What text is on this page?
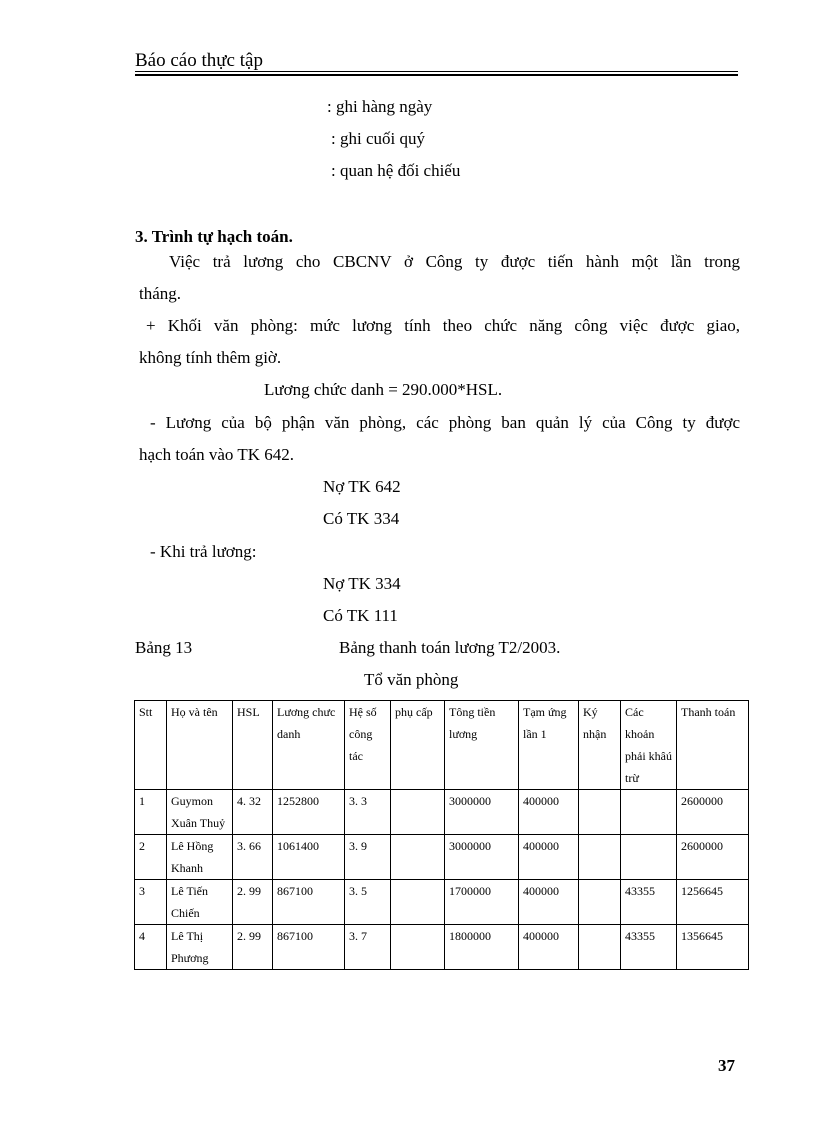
Báo cáo thực tập
: ghi hàng ngày
: ghi cuối quý
: quan hệ đối chiếu
3. Trình tự hạch toán.
Việc trả lương cho CBCNV ở Công ty được tiến hành một lần trong
tháng.
+ Khối văn phòng: mức lương tính theo chức năng công việc được giao,
không tính thêm giờ.
Lương chức danh = 290.000*HSL.
- Lương của bộ phận văn phòng, các phòng ban quản lý của Công ty được
hạch toán vào TK 642.
Nợ TK 642
Có TK 334
- Khi trả lương:
Nợ TK 334
Có TK 111
Bảng 13	Bảng thanh toán lương T2/2003.
Tổ văn phòng
Stt	Họ và tên	HSL	Lương chưc danh	Hệ số công tác	phụ cấp	Tông tiền lương	Tạm ứng lần 1	Ký nhận	Các khoản phải khâú trừ	Thanh toán
1	Guymon Xuân Thuỷ	4. 32	1252800	3. 3		3000000	400000			2600000
2	Lê Hồng Khanh	3. 66	1061400	3. 9		3000000	400000			2600000
3	Lê Tiến Chiến	2. 99	867100	3. 5		1700000	400000		43355	1256645
4	Lê Thị Phương	2. 99	867100	3. 7		1800000	400000		43355	1356645
37
